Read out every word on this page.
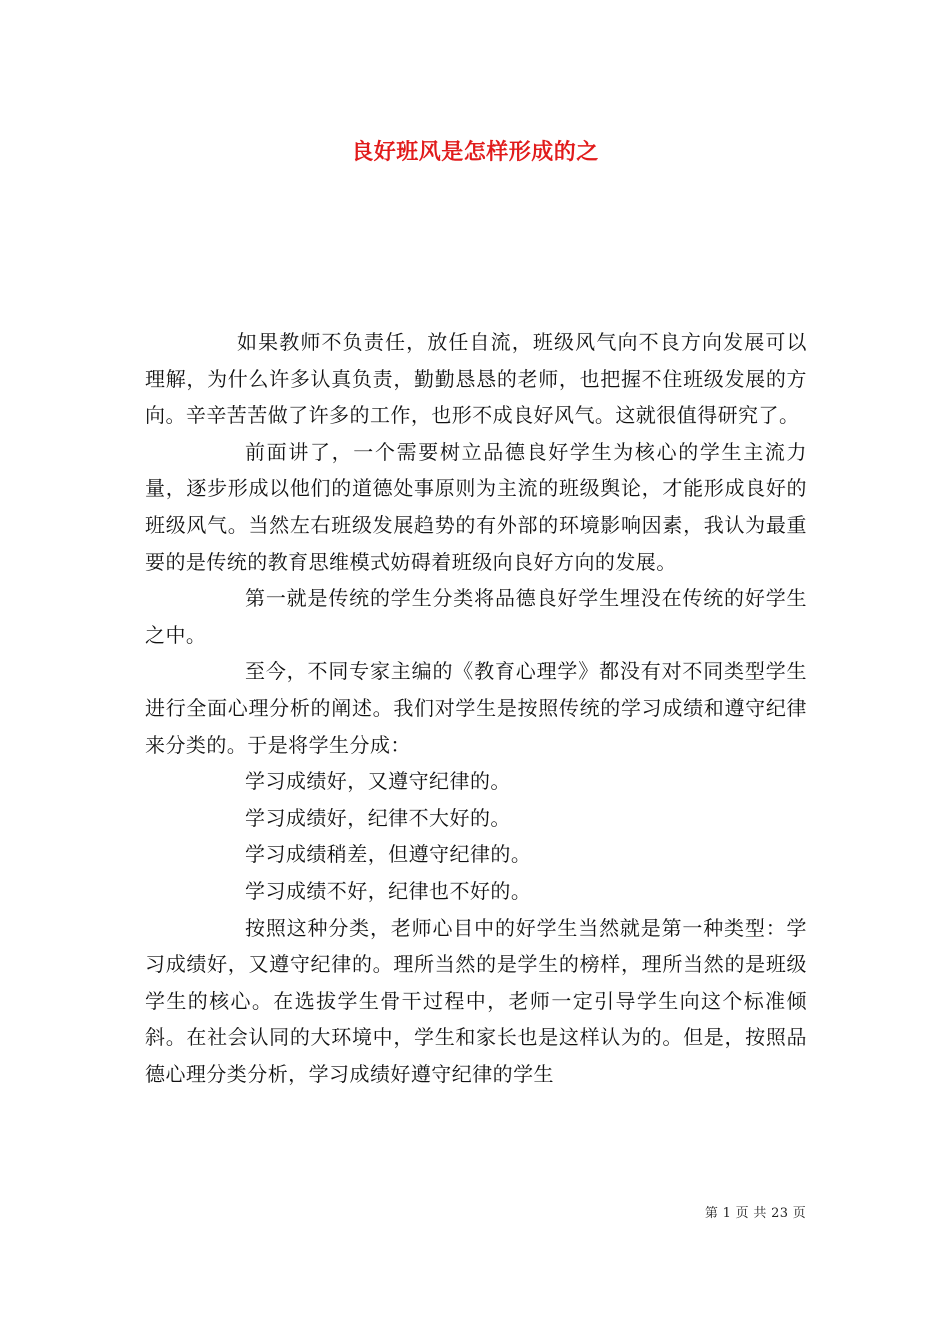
良好班风是怎样形成的之

如果教师不负责任，放任自流，班级风气向不良方向发展可以理解，为什么许多认真负责，勤勤恳恳的老师，也把握不住班级发展的方向。辛辛苦苦做了许多的工作，也形不成良好风气。这就很值得研究了。

前面讲了，一个需要树立品德良好学生为核心的学生主流力量，逐步形成以他们的道德处事原则为主流的班级舆论，才能形成良好的班级风气。当然左右班级发展趋势的有外部的环境影响因素，我认为最重要的是传统的教育思维模式妨碍着班级向良好方向的发展。

第一就是传统的学生分类将品德良好学生埋没在传统的好学生之中。

至今，不同专家主编的《教育心理学》都没有对不同类型学生进行全面心理分析的阐述。我们对学生是按照传统的学习成绩和遵守纪律来分类的。于是将学生分成：

学习成绩好，又遵守纪律的。

学习成绩好，纪律不大好的。

学习成绩稍差，但遵守纪律的。

学习成绩不好，纪律也不好的。

按照这种分类，老师心目中的好学生当然就是第一种类型：学习成绩好，又遵守纪律的。理所当然的是学生的榜样，理所当然的是班级学生的核心。在选拔学生骨干过程中，老师一定引导学生向这个标准倾斜。在社会认同的大环境中，学生和家长也是这样认为的。但是，按照品德心理分类分析，学习成绩好遵守纪律的学生

第 1 页 共 23 页
